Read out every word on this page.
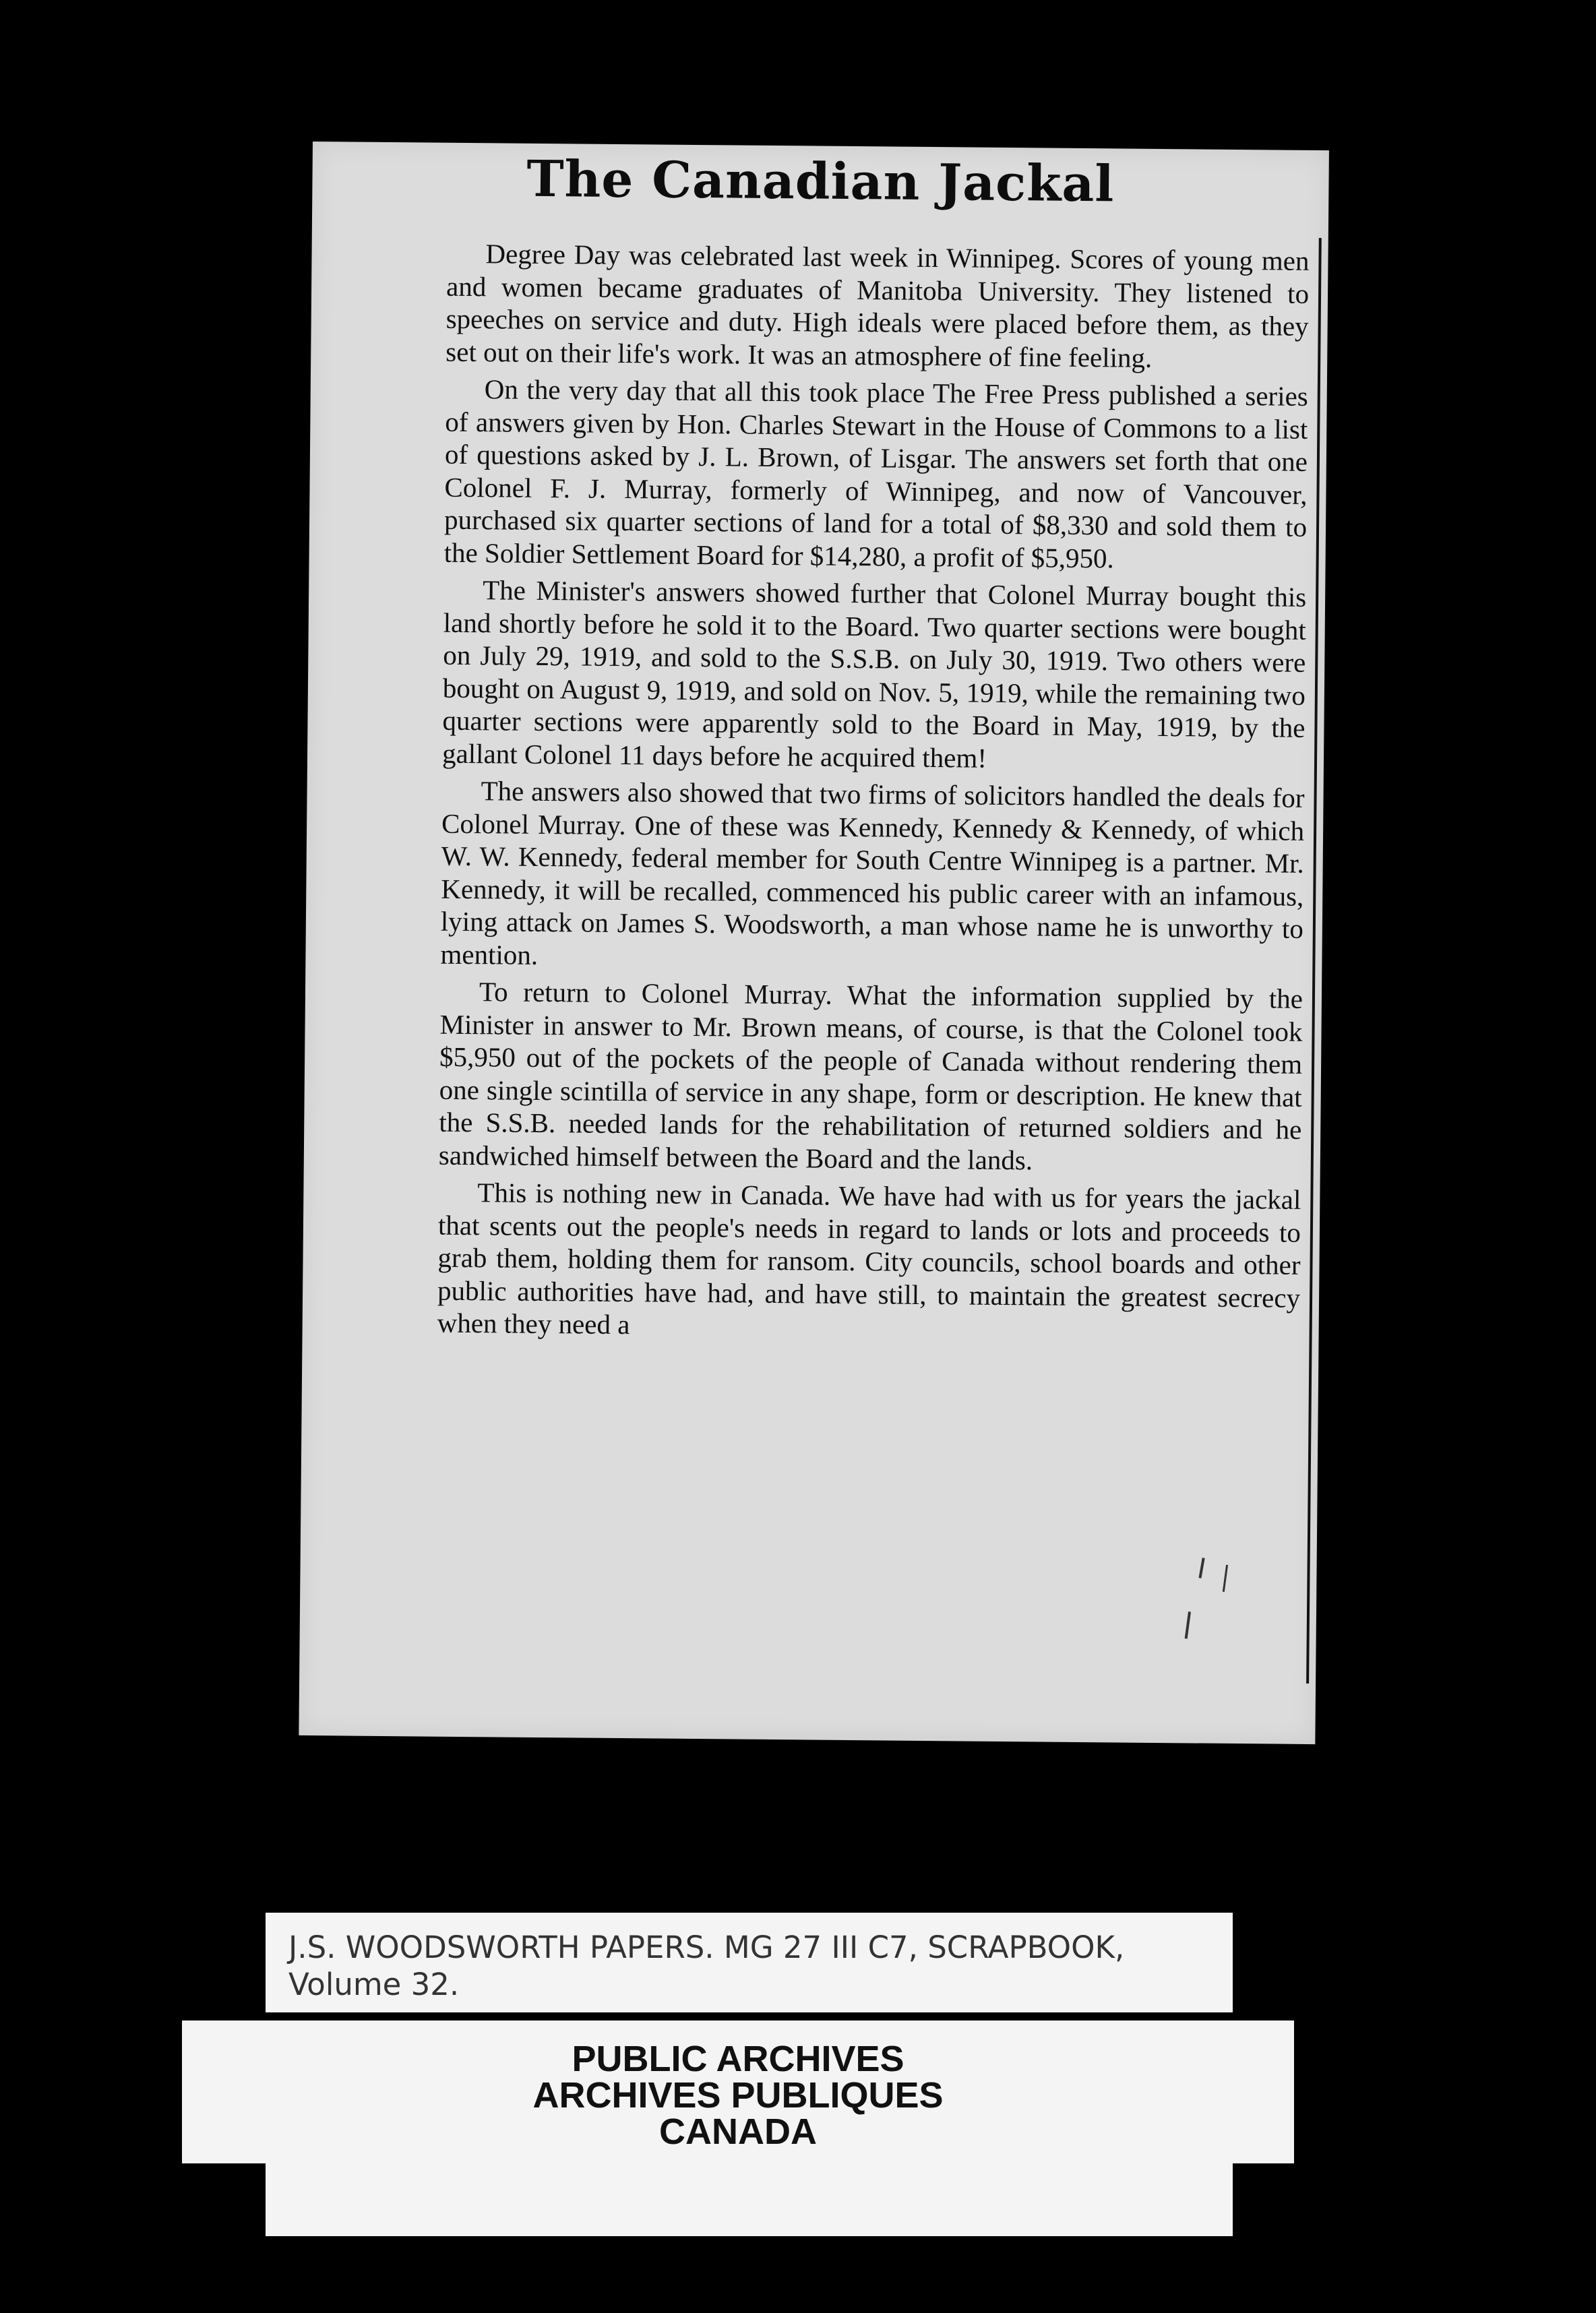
The Canadian Jackal

Degree Day was celebrated last week in Winnipeg. Scores of young men and women became graduates of Manitoba University. They listened to speeches on service and duty. High ideals were placed before them, as they set out on their life's work. It was an atmosphere of fine feeling.

On the very day that all this took place The Free Press published a series of answers given by Hon. Charles Stewart in the House of Commons to a list of questions asked by J. L. Brown, of Lisgar. The answers set forth that one Colonel F. J. Murray, formerly of Winnipeg, and now of Vancouver, purchased six quarter sections of land for a total of $8,330 and sold them to the Soldier Settlement Board for $14,280, a profit of $5,950.

The Minister's answers showed further that Colonel Murray bought this land shortly before he sold it to the Board. Two quarter sections were bought on July 29, 1919, and sold to the S.S.B. on July 30, 1919. Two others were bought on August 9, 1919, and sold on Nov. 5, 1919, while the remaining two quarter sections were apparently sold to the Board in May, 1919, by the gallant Colonel 11 days before he acquired them!

The answers also showed that two firms of solicitors handled the deals for Colonel Murray. One of these was Kennedy, Kennedy & Kennedy, of which W. W. Kennedy, federal member for South Centre Winnipeg is a partner. Mr. Kennedy, it will be recalled, commenced his public career with an infamous, lying attack on James S. Woodsworth, a man whose name he is unworthy to mention.

To return to Colonel Murray. What the information supplied by the Minister in answer to Mr. Brown means, of course, is that the Colonel took $5,950 out of the pockets of the people of Canada without rendering them one single scintilla of service in any shape, form or description. He knew that the S.S.B. needed lands for the rehabilitation of returned soldiers and he sandwiched himself between the Board and the lands.

This is nothing new in Canada. We have had with us for years the jackal that scents out the people's needs in regard to lands or lots and proceeds to grab them, holding them for ransom. City councils, school boards and other public authorities have had, and have still, to maintain the greatest secrecy when they need a

J.S. WOODSWORTH PAPERS. MG 27 III C7, SCRAPBOOK,
Volume 32.
PUBLIC ARCHIVES
ARCHIVES PUBLIQUES
CANADA
